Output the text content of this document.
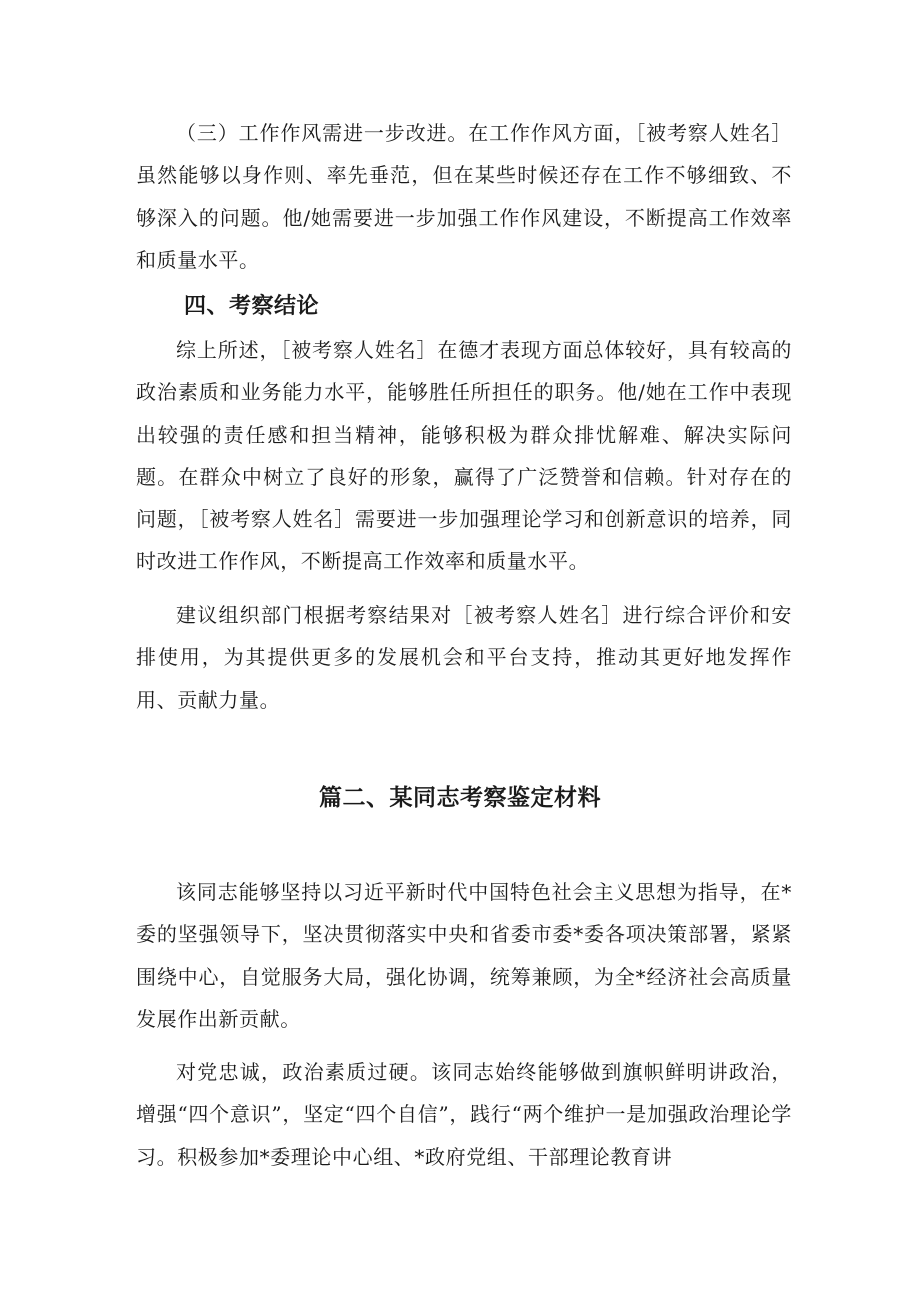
（三）工作作风需进一步改进。在工作作风方面，［被考察人姓名］虽然能够以身作则、率先垂范，但在某些时候还存在工作不够细致、不够深入的问题。他/她需要进一步加强工作作风建设，不断提高工作效率和质量水平。

四、考察结论

综上所述，［被考察人姓名］在德才表现方面总体较好，具有较高的政治素质和业务能力水平，能够胜任所担任的职务。他/她在工作中表现出较强的责任感和担当精神，能够积极为群众排忧解难、解决实际问题。在群众中树立了良好的形象，赢得了广泛赞誉和信赖。针对存在的问题，［被考察人姓名］需要进一步加强理论学习和创新意识的培养，同时改进工作作风，不断提高工作效率和质量水平。

建议组织部门根据考察结果对［被考察人姓名］进行综合评价和安排使用，为其提供更多的发展机会和平台支持，推动其更好地发挥作用、贡献力量。

篇二、某同志考察鉴定材料

该同志能够坚持以习近平新时代中国特色社会主义思想为指导，在*委的坚强领导下，坚决贯彻落实中央和省委市委*委各项决策部署，紧紧围绕中心，自觉服务大局，强化协调，统筹兼顾，为全*经济社会高质量发展作出新贡献。

对党忠诚，政治素质过硬。该同志始终能够做到旗帜鲜明讲政治，增强“四个意识”，坚定“四个自信”，践行“两个维护一是加强政治理论学习。积极参加*委理论中心组、*政府党组、干部理论教育讲
